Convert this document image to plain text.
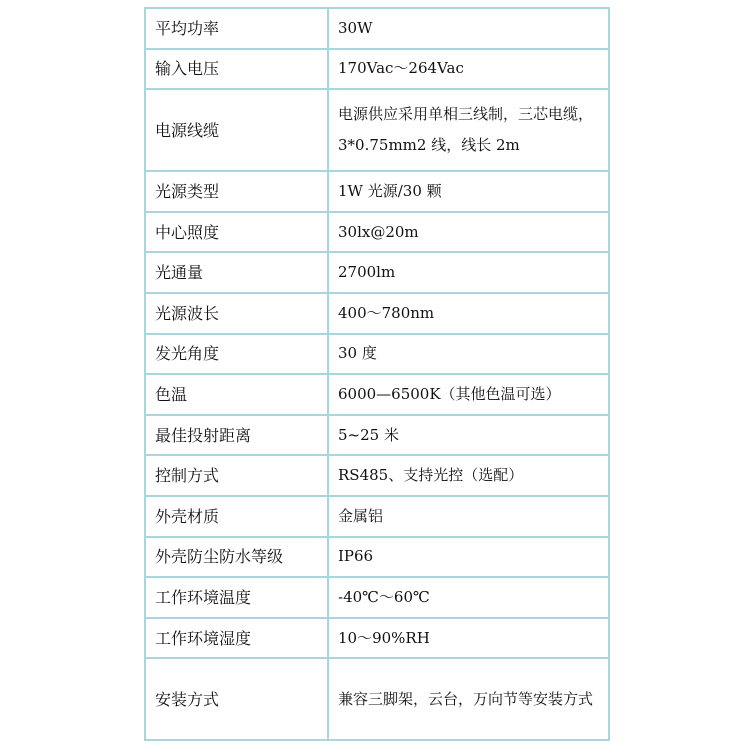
平均功率	30W
输入电压	170Vac～264Vac
电源线缆	电源供应采用单相三线制，三芯电缆，3*0.75mm2 线，线长 2m
光源类型	1W 光源/30 颗
中心照度	30lx@20m
光通量	2700lm
光源波长	400～780nm
发光角度	30 度
色温	6000—6500K（其他色温可选）
最佳投射距离	5~25 米
控制方式	RS485、支持光控（选配）
外壳材质	金属铝
外壳防尘防水等级	IP66
工作环境温度	-40℃～60℃
工作环境湿度	10～90%RH
安装方式	兼容三脚架，云台，万向节等安装方式
